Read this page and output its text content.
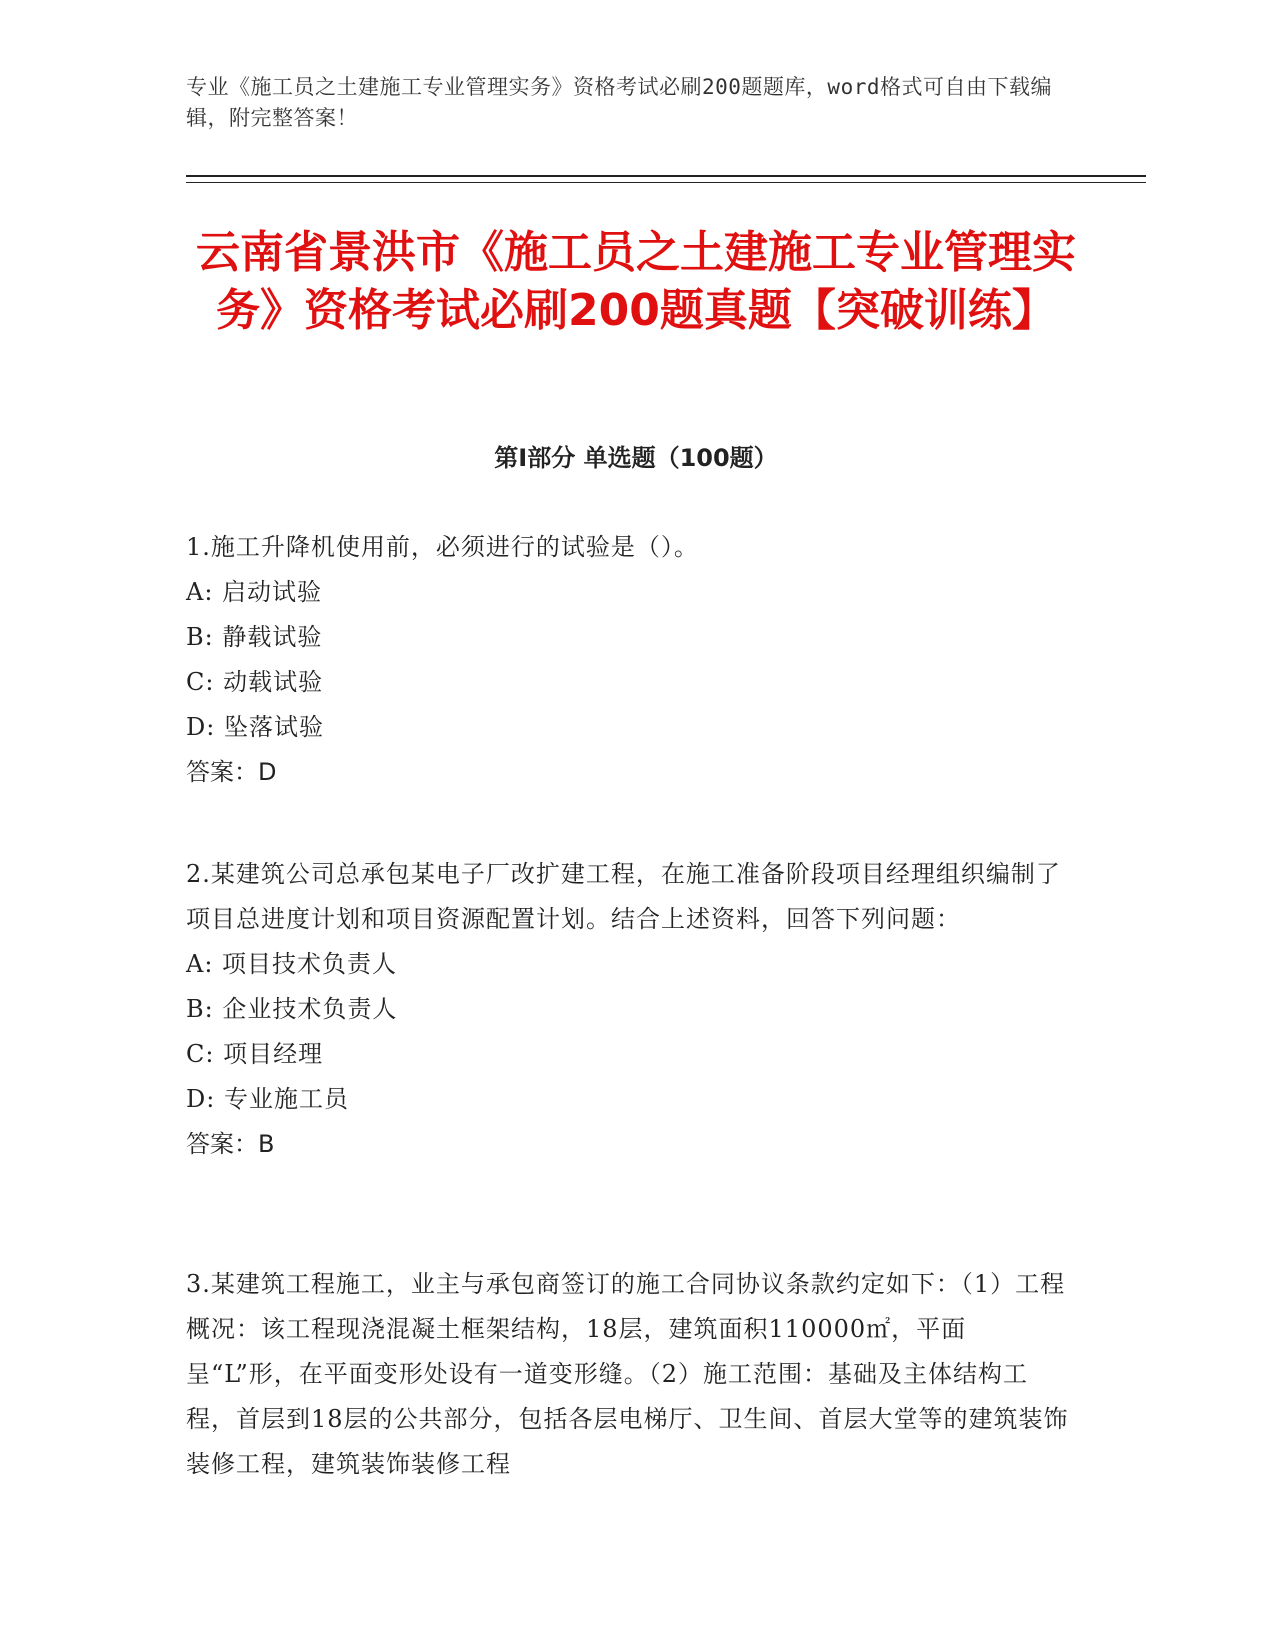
专业《施工员之土建施工专业管理实务》资格考试必刷200题题库，word格式可自由下载编辑，附完整答案！
云南省景洪市《施工员之土建施工专业管理实务》资格考试必刷200题真题【突破训练】
第I部分 单选题（100题）

1.施工升降机使用前，必须进行的试验是（）。

A: 启动试验

B: 静载试验

C: 动载试验

D: 坠落试验

答案：D

2.某建筑公司总承包某电子厂改扩建工程，在施工准备阶段项目经理组织编制了项目总进度计划和项目资源配置计划。结合上述资料，回答下列问题：

A: 项目技术负责人

B: 企业技术负责人

C: 项目经理

D: 专业施工员

答案：B

3.某建筑工程施工，业主与承包商签订的施工合同协议条款约定如下：（1）工程概况：该工程现浇混凝土框架结构，18层，建筑面积110000㎡，平面呈“L”形，在平面变形处设有一道变形缝。（2）施工范围：基础及主体结构工程，首层到18层的公共部分，包括各层电梯厅、卫生间、首层大堂等的建筑装饰装修工程，建筑装饰装修工程
